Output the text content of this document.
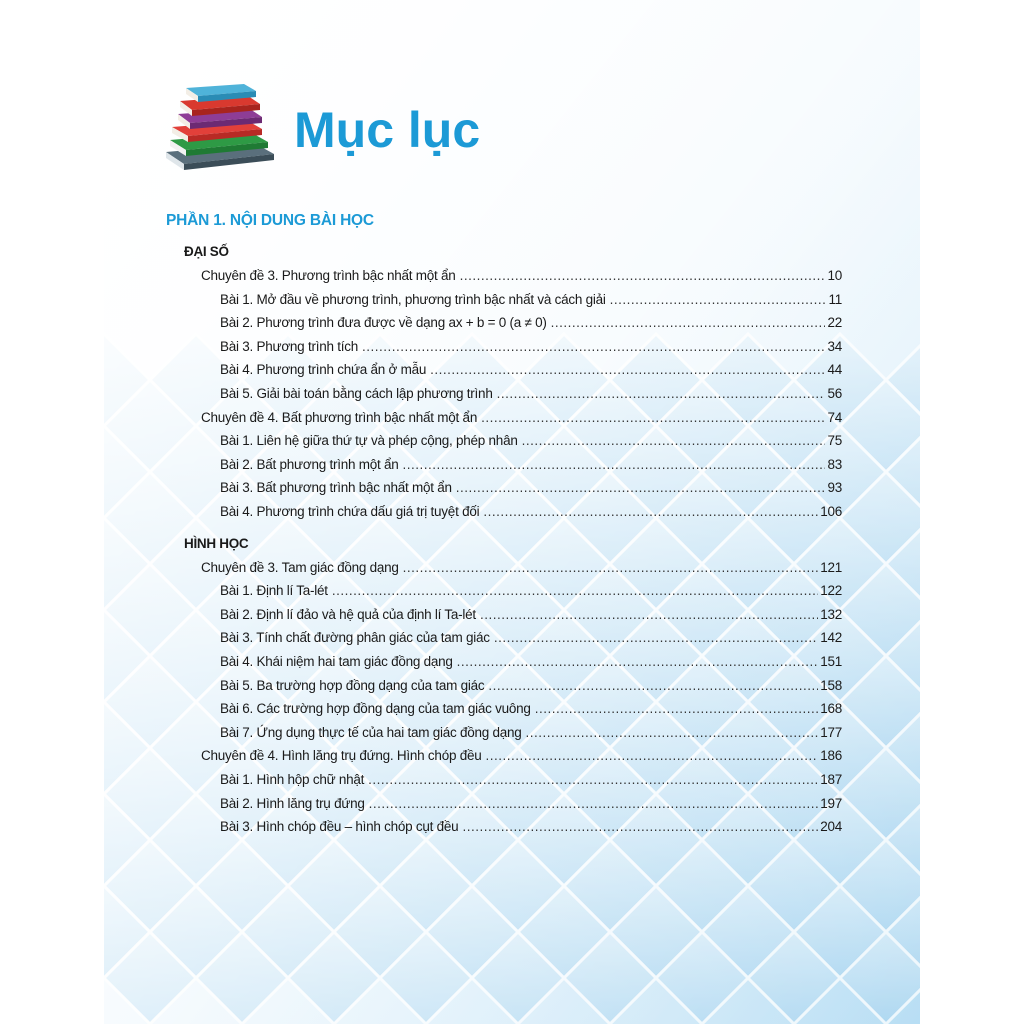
Mục lục
PHẦN 1. NỘI DUNG BÀI HỌC
ĐẠI SỐ
Chuyên đề 3. Phương trình bậc nhất một ẩn .....	10
Bài 1. Mở đầu về phương trình, phương trình bậc nhất và cách giải .....	11
Bài 2. Phương trình đưa được về dạng ax + b = 0 (a ≠ 0) .....	22
Bài 3. Phương trình tích .....	34
Bài 4. Phương trình chứa ẩn ở mẫu .....	44
Bài 5. Giải bài toán bằng cách lập phương trình .....	56
Chuyên đề 4. Bất phương trình bậc nhất một ẩn .....	74
Bài 1. Liên hệ giữa thứ tự và phép cộng, phép nhân .....	75
Bài 2. Bất phương trình một ẩn .....	83
Bài 3. Bất phương trình bậc nhất một ẩn .....	93
Bài 4. Phương trình chứa dấu giá trị tuyệt đối .....	106
HÌNH HỌC
Chuyên đề 3. Tam giác đồng dạng .....	121
Bài 1. Định lí Ta-lét .....	122
Bài 2. Định lí đảo và hệ quả của định lí Ta-lét .....	132
Bài 3. Tính chất đường phân giác của tam giác .....	142
Bài 4. Khái niệm hai tam giác đồng dạng .....	151
Bài 5. Ba trường hợp đồng dạng của tam giác .....	158
Bài 6. Các trường hợp đồng dạng của tam giác vuông .....	168
Bài 7. Ứng dụng thực tế của hai tam giác đồng dạng .....	177
Chuyên đề 4. Hình lăng trụ đứng. Hình chóp đều .....	186
Bài 1. Hình hộp chữ nhật .....	187
Bài 2. Hình lăng trụ đứng .....	197
Bài 3. Hình chóp đều – hình chóp cụt đều .....	204
